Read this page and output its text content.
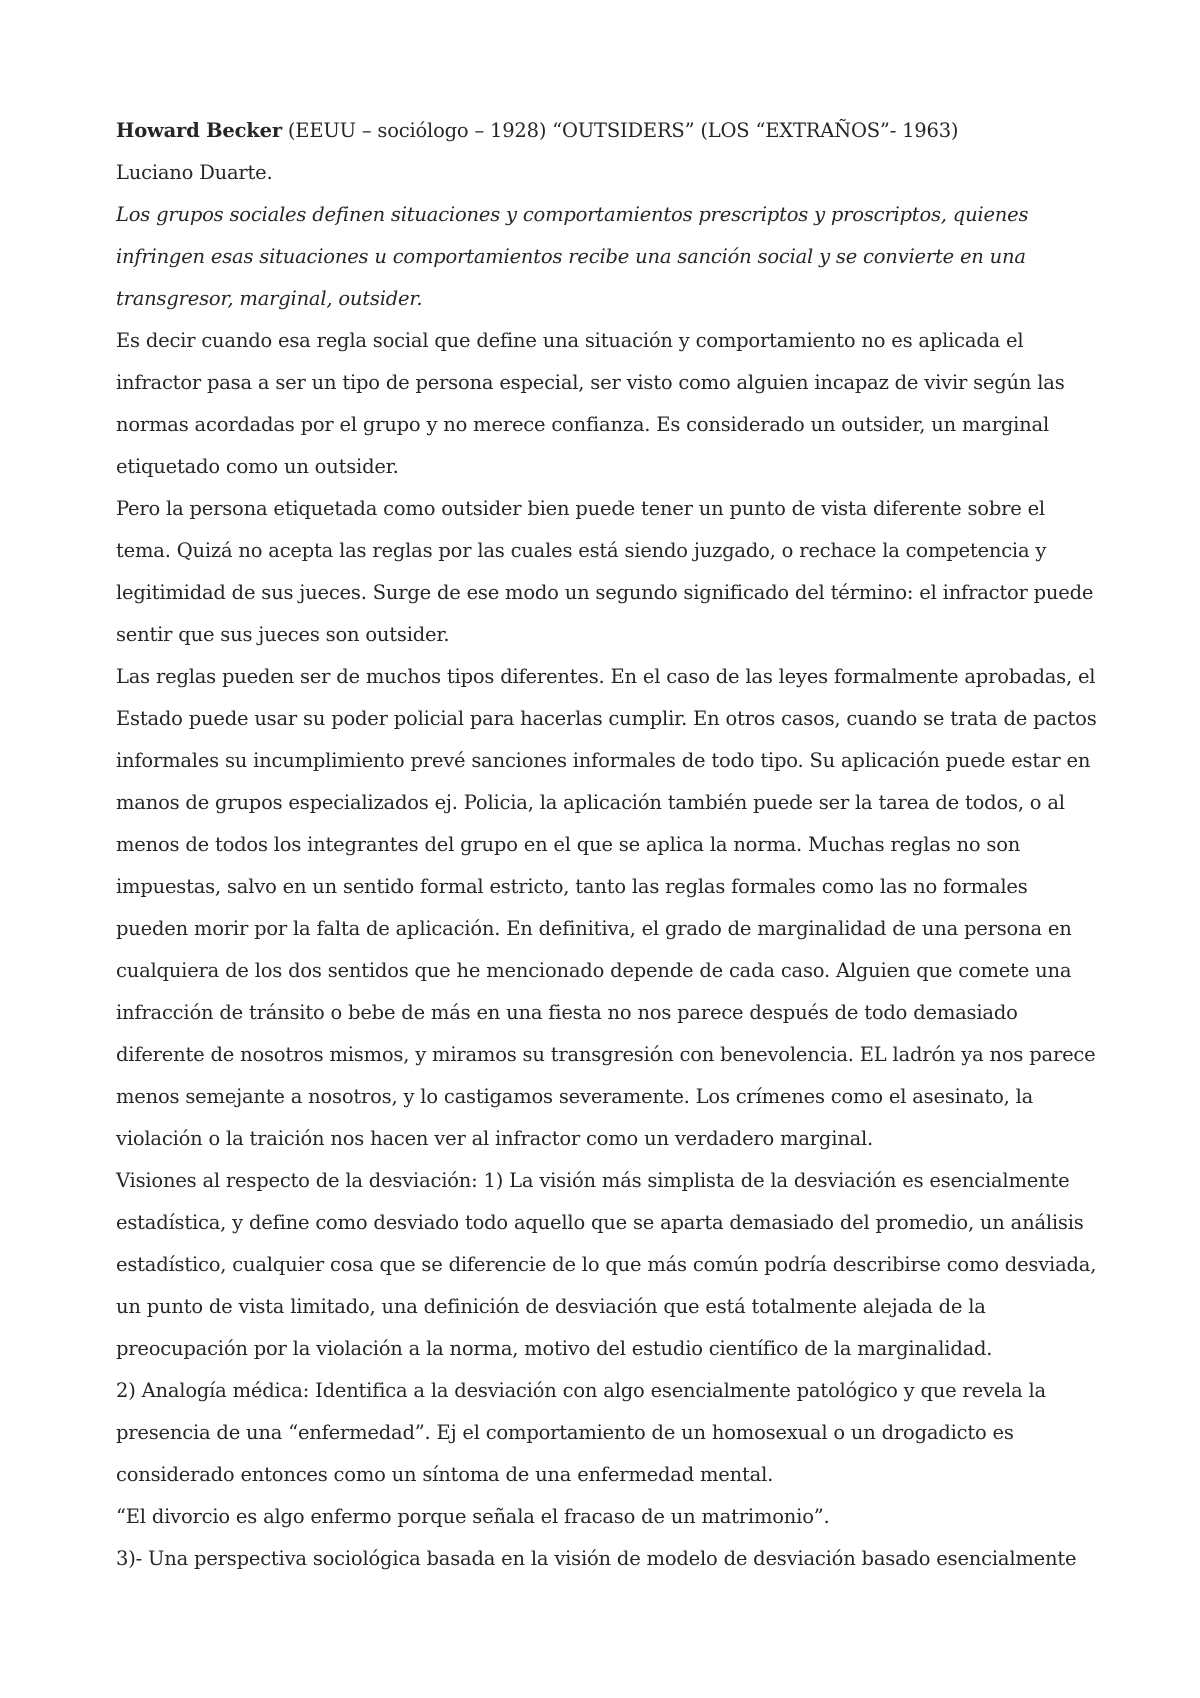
Howard Becker (EEUU – sociólogo – 1928) “OUTSIDERS” (LOS “EXTRAÑOS”- 1963)

Luciano Duarte.

Los grupos sociales definen situaciones y comportamientos prescriptos y proscriptos, quienes infringen esas situaciones u comportamientos recibe una sanción social y se convierte en una transgresor, marginal, outsider.

Es decir cuando esa regla social que define una situación y comportamiento no es aplicada el infractor pasa a ser un tipo de persona especial, ser visto como alguien incapaz de vivir según las normas acordadas por el grupo y no merece confianza. Es considerado un outsider, un marginal etiquetado como un outsider.

Pero la persona etiquetada como outsider bien puede tener un punto de vista diferente sobre el tema. Quizá no acepta las reglas por las cuales está siendo juzgado, o rechace la competencia y legitimidad de sus jueces. Surge de ese modo un segundo significado del término: el infractor puede sentir que sus jueces son outsider.

Las reglas pueden ser de muchos tipos diferentes. En el caso de las leyes formalmente aprobadas, el Estado puede usar su poder policial para hacerlas cumplir. En otros casos, cuando se trata de pactos informales su incumplimiento prevé sanciones informales de todo tipo. Su aplicación puede estar en manos de grupos especializados ej. Policia, la aplicación también puede ser la tarea de todos, o al menos de todos los integrantes del grupo en el que se aplica la norma. Muchas reglas no son impuestas, salvo en un sentido formal estricto, tanto las reglas formales como las no formales pueden morir por la falta de aplicación. En definitiva, el grado de marginalidad de una persona en cualquiera de los dos sentidos que he mencionado depende de cada caso. Alguien que comete una infracción de tránsito o bebe de más en una fiesta no nos parece después de todo demasiado diferente de nosotros mismos, y miramos su transgresión con benevolencia. EL ladrón ya nos parece menos semejante a nosotros, y lo castigamos severamente. Los crímenes como el asesinato, la violación o la traición nos hacen ver al infractor como un verdadero marginal.

Visiones al respecto de la desviación: 1) La visión más simplista de la desviación es esencialmente estadística, y define como desviado todo aquello que se aparta demasiado del promedio, un análisis estadístico, cualquier cosa que se diferencie de lo que más común podría describirse como desviada, un punto de vista limitado, una definición de desviación que está totalmente alejada de la preocupación por la violación a la norma, motivo del estudio científico de la marginalidad.

2) Analogía médica: Identifica a la desviación con algo esencialmente patológico y que revela la presencia de una “enfermedad”. Ej el comportamiento de un homosexual o un drogadicto es considerado entonces como un síntoma de una enfermedad mental.

“El divorcio es algo enfermo porque señala el fracaso de un matrimonio”.

3)- Una perspectiva sociológica basada en la visión de modelo de desviación basado esencialmente
